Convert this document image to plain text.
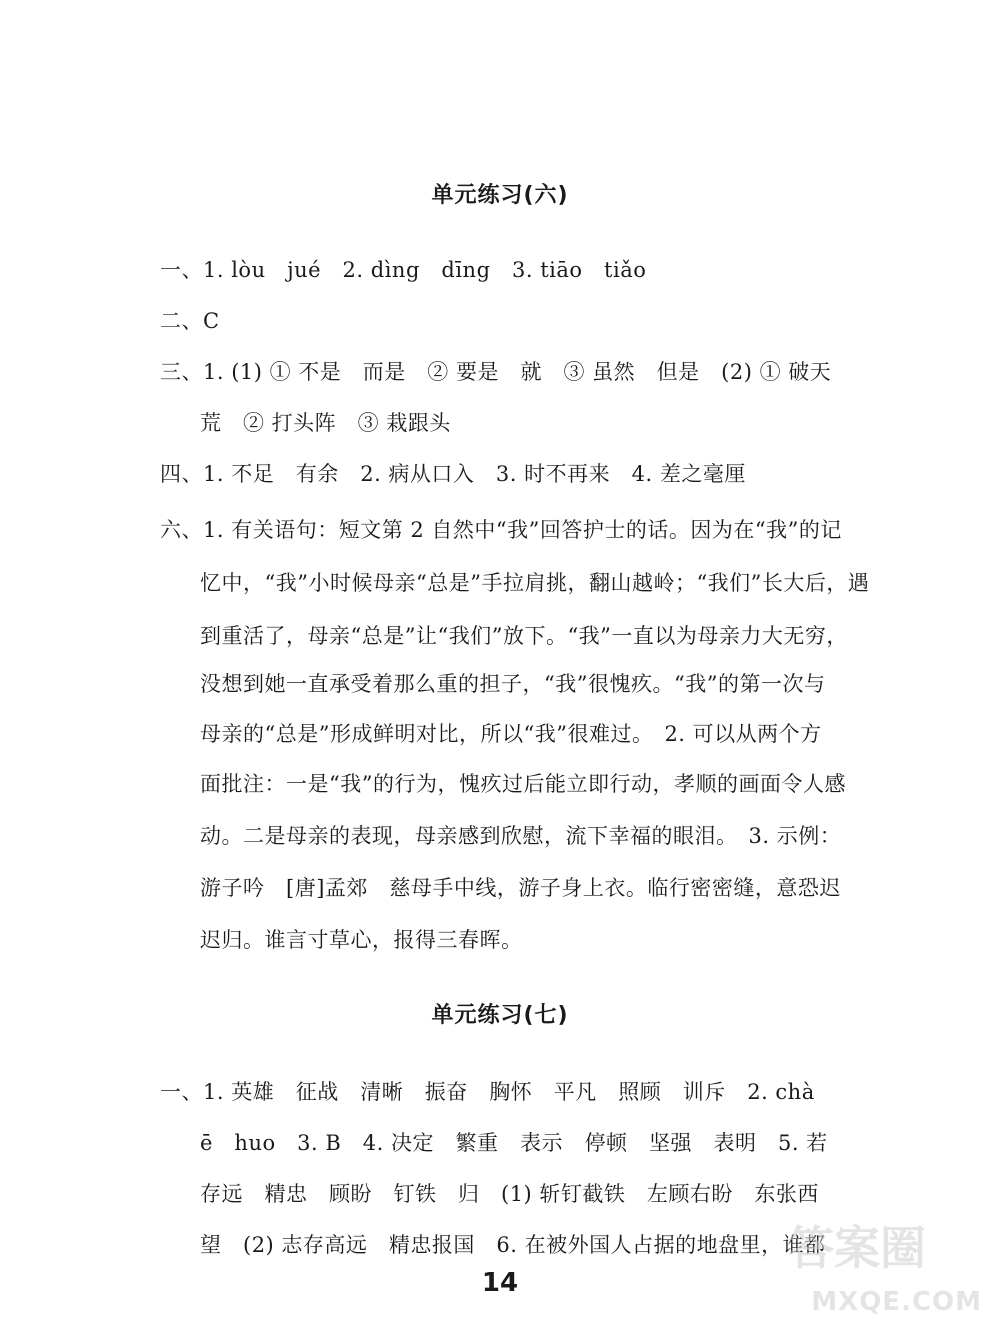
单元练习(六)
一、1. lòu　jué　2. dìng　dīng　3. tiāo　tiǎo
二、C
三、1. (1) ① 不是　而是　② 要是　就　③ 虽然　但是　(2) ① 破天
荒　② 打头阵　③ 栽跟头
四、1. 不足　有余　2. 病从口入　3. 时不再来　4. 差之毫厘
六、1. 有关语句：短文第 2 自然中“我”回答护士的话。因为在“我”的记
忆中，“我”小时候母亲“总是”手拉肩挑，翻山越岭；“我们”长大后，遇
到重活了，母亲“总是”让“我们”放下。“我”一直以为母亲力大无穷，
没想到她一直承受着那么重的担子，“我”很愧疚。“我”的第一次与
母亲的“总是”形成鲜明对比，所以“我”很难过。　2. 可以从两个方
面批注：一是“我”的行为，愧疚过后能立即行动，孝顺的画面令人感
动。二是母亲的表现，母亲感到欣慰，流下幸福的眼泪。　3. 示例：
游子吟　[唐]孟郊　慈母手中线，游子身上衣。临行密密缝，意恐迟
迟归。谁言寸草心，报得三春晖。
单元练习(七)
一、1. 英雄　征战　清晰　振奋　胸怀　平凡　照顾　训斥　2. chà
ē　huo　3. B　4. 决定　繁重　表示　停顿　坚强　表明　5. 若
存远　精忠　顾盼　钉铁　归　(1) 斩钉截铁　左顾右盼　东张西
望　(2) 志存高远　精忠报国　6. 在被外国人占据的地盘里，谁都
14
答案圈
MXQE.COM
